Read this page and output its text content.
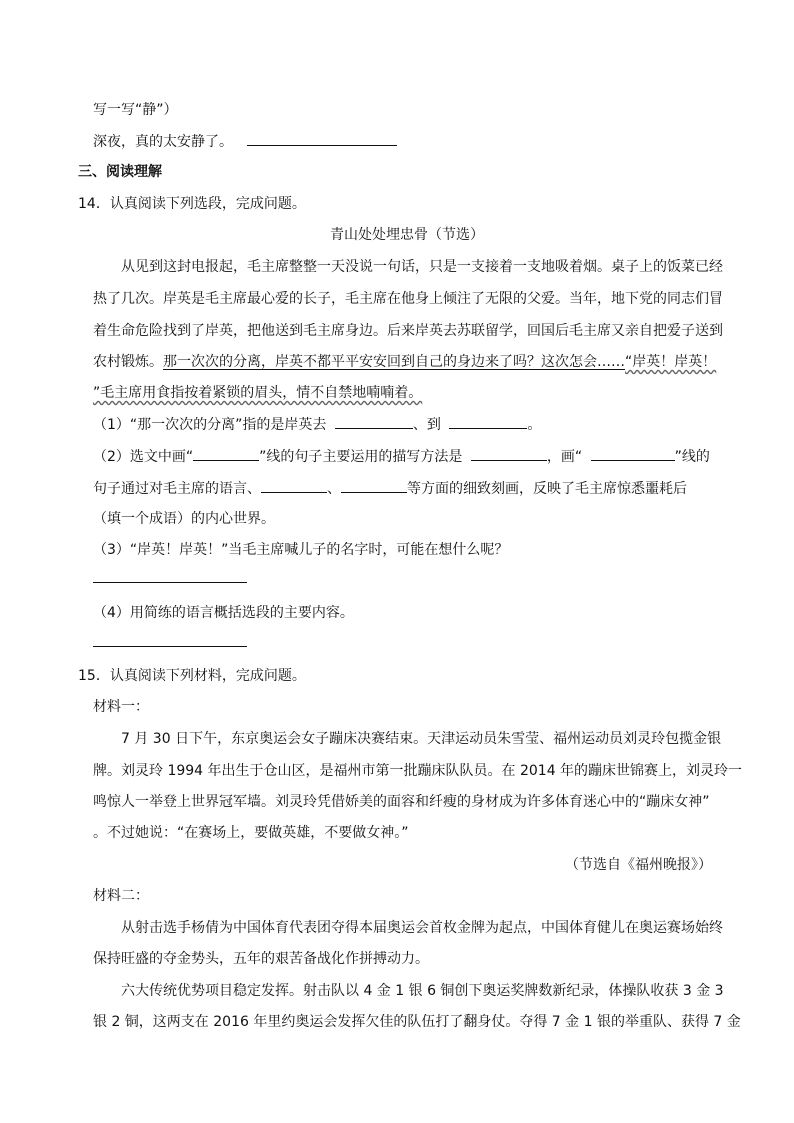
写一写“静”）
深夜，真的太安静了。
三、阅读理解
14．认真阅读下列选段，完成问题。
青山处处埋忠骨（节选）
从见到这封电报起，毛主席整整一天没说一句话，只是一支接着一支地吸着烟。桌子上的饭菜已经
热了几次。岸英是毛主席最心爱的长子，毛主席在他身上倾注了无限的父爱。当年，地下党的同志们冒
着生命危险找到了岸英，把他送到毛主席身边。后来岸英去苏联留学，回国后毛主席又亲自把爱子送到
农村锻炼。那一次次的分离，岸英不都平平安安回到自己的身边来了吗？这次怎会……“岸英！岸英！
”毛主席用食指按着紧锁的眉头，情不自禁地喃喃着。
（1）“那一次次的分离”指的是岸英去	、到	。
（2）选文中画“	”线的句子主要运用的描写方法是	，画“	”线的
句子通过对毛主席的语言、	、	等方面的细致刻画，反映了毛主席惊悉噩耗后
（填一个成语）的内心世界。
（3）“岸英！岸英！”当毛主席喊儿子的名字时，可能在想什么呢？
（4）用简练的语言概括选段的主要内容。
15．认真阅读下列材料，完成问题。
材料一：
7 月 30 日下午，东京奥运会女子蹦床决赛结束。天津运动员朱雪莹、福州运动员刘灵玲包揽金银
牌。刘灵玲 1994 年出生于仓山区，是福州市第一批蹦床队队员。在 2014 年的蹦床世锦赛上，刘灵玲一
鸣惊人一举登上世界冠军墙。刘灵玲凭借娇美的面容和纤瘦的身材成为许多体育迷心中的“蹦床女神”
。不过她说：“在赛场上，要做英雄，不要做女神。”
（节选自《福州晚报》）
材料二：
从射击选手杨倩为中国体育代表团夺得本届奥运会首枚金牌为起点，中国体育健儿在奥运赛场始终
保持旺盛的夺金势头，五年的艰苦备战化作拼搏动力。
六大传统优势项目稳定发挥。射击队以 4 金 1 银 6 铜创下奥运奖牌数新纪录，体操队收获 3 金 3
银 2 铜，这两支在 2016 年里约奥运会发挥欠佳的队伍打了翻身仗。夺得 7 金 1 银的举重队、获得 7 金
